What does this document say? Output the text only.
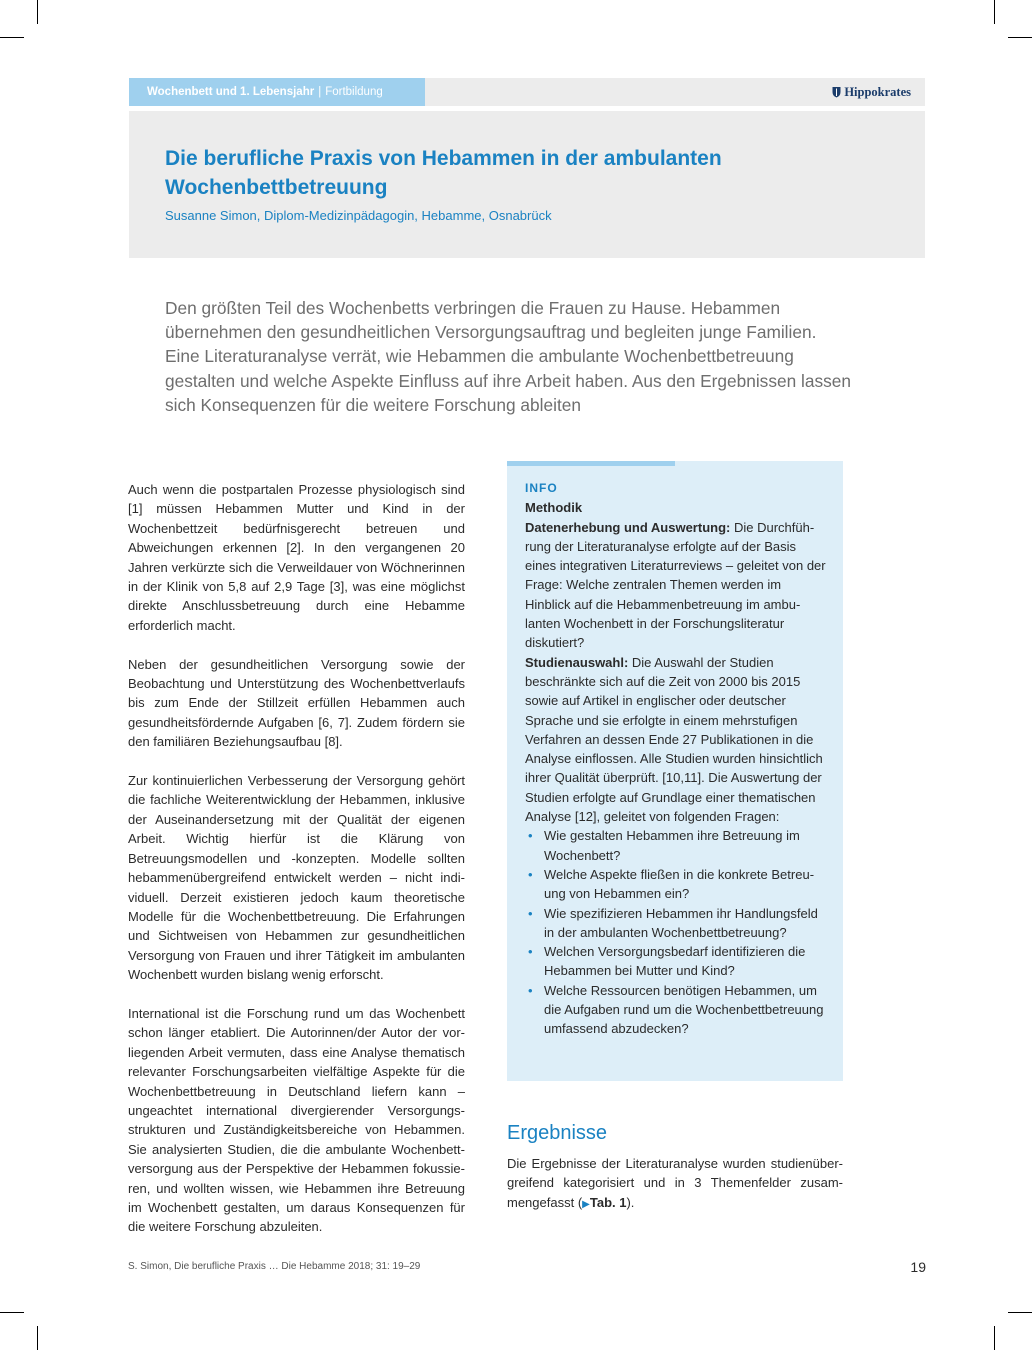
Wochenbett und 1. Lebensjahr | Fortbildung	Hippokrates
Die berufliche Praxis von Hebammen in der ambulanten Wochenbettbetreuung
Susanne Simon, Diplom-Medizinpädagogin, Hebamme, Osnabrück

Den größten Teil des Wochenbetts verbringen die Frauen zu Hause. Hebammen übernehmen den gesundheitlichen Versorgungsauftrag und begleiten junge Familien. Eine Literaturanalyse verrät, wie Hebammen die ambulante Wochenbettbetreuung gestalten und welche Aspekte Einfluss auf ihre Arbeit haben. Aus den Ergebnissen lassen sich Konsequenzen für die weitere Forschung ableiten

Auch wenn die postpartalen Prozesse physiologisch sind [1] müssen Hebammen Mutter und Kind in der Wochenbettzeit bedürfnisgerecht betreuen und Abweichungen erkennen [2]. In den vergangenen 20 Jahren verkürzte sich die Verweildauer von Wöchnerinnen in der Klinik von 5,8 auf 2,9 Tage [3], was eine möglichst direkte Anschlussbetreuung durch eine Hebamme erforderlich macht.

Neben der gesundheitlichen Versorgung sowie der Beobachtung und Unterstützung des Wochenbettverlaufs bis zum Ende der Stillzeit erfüllen Hebammen auch gesundheitsfördernde Aufgaben [6, 7]. Zudem fördern sie den familiären Beziehungsaufbau [8].

Zur kontinuierlichen Verbesserung der Versorgung gehört die fachliche Weiterentwicklung der Hebammen, inklusive der Auseinandersetzung mit der Qualität der eigenen Arbeit. Wichtig hierfür ist die Klärung von Betreuungsmodellen und -konzepten. Modelle sollten hebammenübergreifend entwickelt werden – nicht individuell. Derzeit existieren jedoch kaum theoretische Modelle für die Wochenbettbetreuung. Die Erfahrungen und Sichtweisen von Hebammen zur gesundheitlichen Versorgung von Frauen und ihrer Tätigkeit im ambulanten Wochenbett wurden bislang wenig erforscht.

International ist die Forschung rund um das Wochenbett schon länger etabliert. Die Autorinnen/der Autor der vorliegenden Arbeit vermuten, dass eine Analyse thematisch relevanter Forschungsarbeiten vielfältige Aspekte für die Wochenbettbetreuung in Deutschland liefern kann – ungeachtet international divergierender Versorgungsstrukturen und Zuständigkeitsbereiche von Hebammen. Sie analysierten Studien, die die ambulante Wochenbettversorgung aus der Perspektive der Hebammen fokussieren, und wollten wissen, wie Hebammen ihre Betreuung im Wochenbett gestalten, um daraus Konsequenzen für die weitere Forschung abzuleiten.

INFO
Methodik

Datenerhebung und Auswertung: Die Durchführung der Literaturanalyse erfolgte auf der Basis eines integrativen Literaturreviews – geleitet von der Frage: Welche zentralen Themen werden im Hinblick auf die Hebammenbetreuung im ambulanten Wochenbett in der Forschungsliteratur diskutiert?

Studienauswahl: Die Auswahl der Studien beschränkte sich auf die Zeit von 2000 bis 2015 sowie auf Artikel in englischer oder deutscher Sprache und sie erfolgte in einem mehrstufigen Verfahren an dessen Ende 27 Publikationen in die Analyse einflossen. Alle Studien wurden hinsichtlich ihrer Qualität überprüft. [10,11]. Die Auswertung der Studien erfolgte auf Grundlage einer thematischen Analyse [12], geleitet von folgenden Fragen:

• Wie gestalten Hebammen ihre Betreuung im Wochenbett?
• Welche Aspekte fließen in die konkrete Betreuung von Hebammen ein?
• Wie spezifizieren Hebammen ihr Handlungsfeld in der ambulanten Wochenbettbetreuung?
• Welchen Versorgungsbedarf identifizieren die Hebammen bei Mutter und Kind?
• Welche Ressourcen benötigen Hebammen, um die Aufgaben rund um die Wochenbettbetreuung umfassend abzudecken?
Ergebnisse

Die Ergebnisse der Literaturanalyse wurden studienübergreifend kategorisiert und in 3 Themenfelder zusammengefasst (▶Tab. 1).

S. Simon, Die berufliche Praxis … Die Hebamme 2018; 31: 19–29	19
